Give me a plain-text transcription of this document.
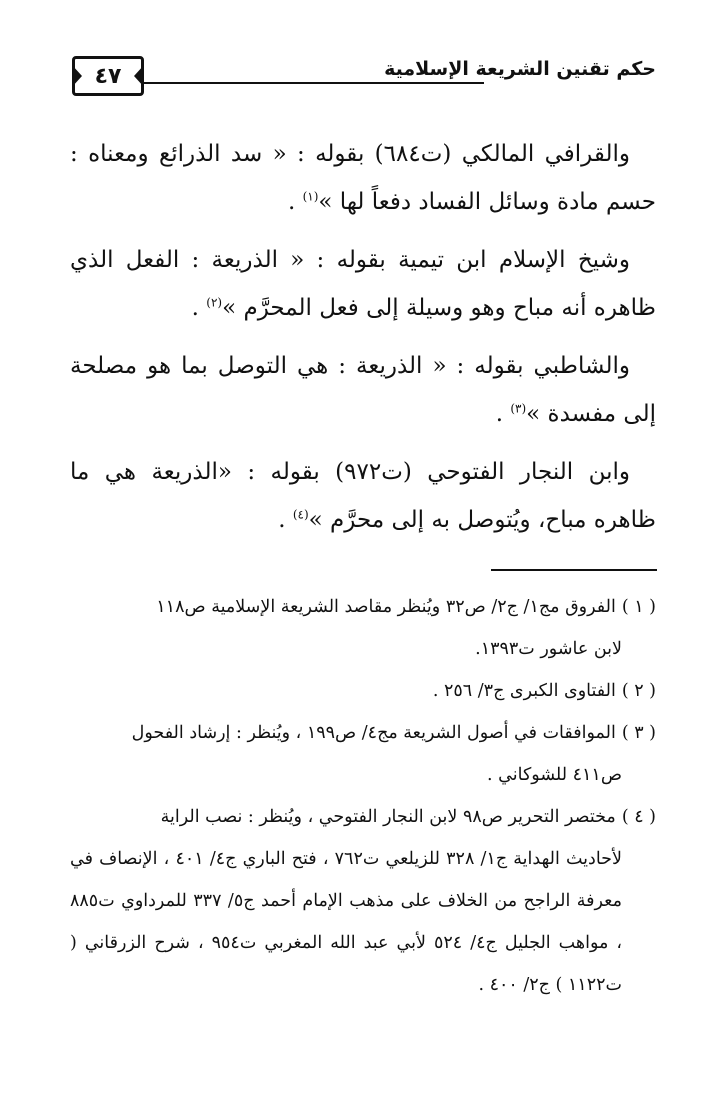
٤٧	حكم تقنين الشريعة الإسلامية

والقرافي المالكي (ت٦٨٤) بقوله : « سد الذرائع ومعناه : حسم مادة وسائل الفساد دفعاً لها »$^{(١)}$ .

وشيخ الإسلام ابن تيمية بقوله : « الذريعة : الفعل الذي ظاهره أنه مباح وهو وسيلة إلى فعل المحرَّم »$^{(٢)}$ .

والشاطبي بقوله : « الذريعة : هي التوصل بما هو مصلحة إلى مفسدة »$^{(٣)}$ .

وابن النجار الفتوحي (ت٩٧٢) بقوله : «الذريعة هي ما ظاهره مباح، ويُتوصل به إلى محرَّم »$^{(٤)}$ .

( ١ )الفروق مج١/ ج٢/ ص٣٢ ويُنظر مقاصد الشريعة الإسلامية ص١١٨
لابن عاشور ت١٣٩٣.

( ٢ )الفتاوى الكبرى ج٣/ ٢٥٦ .

( ٣ )الموافقات في أصول الشريعة مج٤/ ص١٩٩ ، ويُنظر : إرشاد الفحول
ص٤١١ للشوكاني .

( ٤ )مختصر التحرير ص٩٨ لابن النجار الفتوحي ، ويُنظر : نصب الراية
لأحاديث الهداية ج١/ ٣٢٨ للزيلعي ت٧٦٢ ، فتح الباري ج٤/ ٤٠١ ، الإنصاف في معرفة الراجح من الخلاف على مذهب الإمام أحمد ج٥/ ٣٣٧ للمرداوي ت٨٨٥ ، مواهب الجليل ج٤/ ٥٢٤ لأبي عبد الله المغربي ت٩٥٤ ، شرح الزرقاني ( ت١١٢٢ ) ج٢/ ٤٠٠ .
